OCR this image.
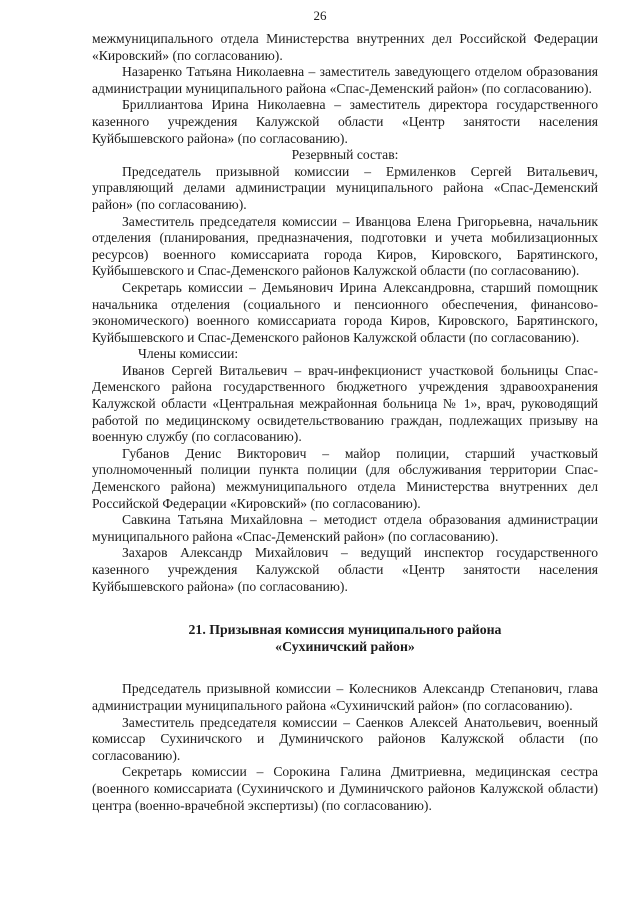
26

межмуниципального отдела Министерства внутренних дел Российской Федерации «Кировский» (по согласованию).

Назаренко Татьяна Николаевна – заместитель заведующего отделом образования администрации муниципального района «Спас-Деменский район» (по согласованию).

Бриллиантова Ирина Николаевна – заместитель директора государственного казенного учреждения Калужской области «Центр занятости населения Куйбышевского района» (по согласованию).

Резервный состав:

Председатель призывной комиссии – Ермиленков Сергей Витальевич, управляющий делами администрации муниципального района «Спас-Деменский район» (по согласованию).

Заместитель председателя комиссии – Иванцова Елена Григорьевна, начальник отделения (планирования, предназначения, подготовки и учета мобилизационных ресурсов) военного комиссариата города Киров, Кировского, Барятинского, Куйбышевского и Спас-Деменского районов Калужской области (по согласованию).

Секретарь комиссии – Демьянович Ирина Александровна, старший помощник начальника отделения (социального и пенсионного обеспечения, финансово-экономического) военного комиссариата города Киров, Кировского, Барятинского, Куйбышевского и Спас-Деменского районов Калужской области (по согласованию).

Члены комиссии:

Иванов Сергей Витальевич – врач-инфекционист участковой больницы Спас-Деменского района государственного бюджетного учреждения здравоохранения Калужской области «Центральная межрайонная больница № 1», врач, руководящий работой по медицинскому освидетельствованию граждан, подлежащих призыву на военную службу (по согласованию).

Губанов Денис Викторович – майор полиции, старший участковый уполномоченный полиции пункта полиции (для обслуживания территории Спас-Деменского района) межмуниципального отдела Министерства внутренних дел Российской Федерации «Кировский» (по согласованию).

Савкина Татьяна Михайловна – методист отдела образования администрации муниципального района «Спас-Деменский район» (по согласованию).

Захаров Александр Михайлович – ведущий инспектор государственного казенного учреждения Калужской области «Центр занятости населения Куйбышевского района» (по согласованию).

21. Призывная комиссия муниципального района

«Сухиничский район»

Председатель призывной комиссии – Колесников Александр Степанович, глава администрации муниципального района «Сухиничский район» (по согласованию).

Заместитель председателя комиссии – Саенков Алексей Анатольевич, военный комиссар Сухиничского и Думиничского районов Калужской области (по согласованию).

Секретарь комиссии – Сорокина Галина Дмитриевна, медицинская сестра (военного комиссариата (Сухиничского и Думиничского районов Калужской области) центра (военно-врачебной экспертизы) (по согласованию).
